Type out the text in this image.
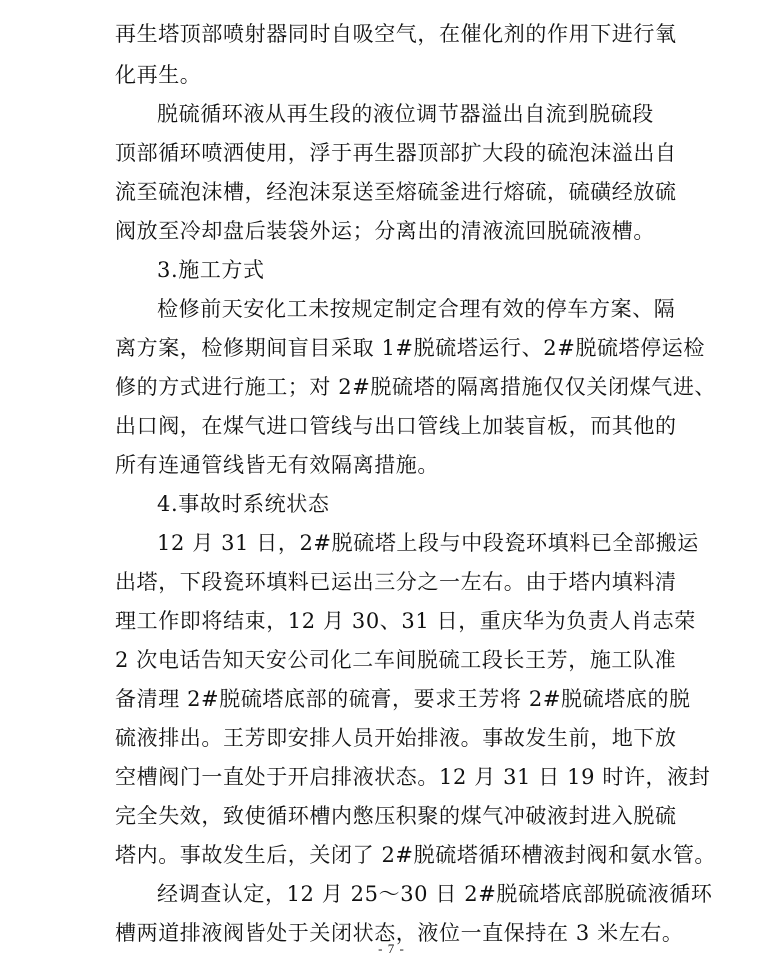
再生塔顶部喷射器同时自吸空气，在催化剂的作用下进行氧
化再生。
脱硫循环液从再生段的液位调节器溢出自流到脱硫段
顶部循环喷洒使用，浮于再生器顶部扩大段的硫泡沫溢出自
流至硫泡沫槽，经泡沫泵送至熔硫釜进行熔硫，硫磺经放硫
阀放至冷却盘后装袋外运；分离出的清液流回脱硫液槽。
3.施工方式
检修前天安化工未按规定制定合理有效的停车方案、隔
离方案，检修期间盲目采取 1#脱硫塔运行、2#脱硫塔停运检
修的方式进行施工；对 2#脱硫塔的隔离措施仅仅关闭煤气进、
出口阀，在煤气进口管线与出口管线上加装盲板，而其他的
所有连通管线皆无有效隔离措施。
4.事故时系统状态
12 月 31 日，2#脱硫塔上段与中段瓷环填料已全部搬运
出塔，下段瓷环填料已运出三分之一左右。由于塔内填料清
理工作即将结束，12 月 30、31 日，重庆华为负责人肖志荣
2 次电话告知天安公司化二车间脱硫工段长王芳，施工队准
备清理 2#脱硫塔底部的硫膏，要求王芳将 2#脱硫塔底的脱
硫液排出。王芳即安排人员开始排液。事故发生前，地下放
空槽阀门一直处于开启排液状态。12 月 31 日 19 时许，液封
完全失效，致使循环槽内憋压积聚的煤气冲破液封进入脱硫
塔内。事故发生后，关闭了 2#脱硫塔循环槽液封阀和氨水管。
经调查认定，12 月 25～30 日 2#脱硫塔底部脱硫液循环
槽两道排液阀皆处于关闭状态，液位一直保持在 3 米左右。
- 7 -
